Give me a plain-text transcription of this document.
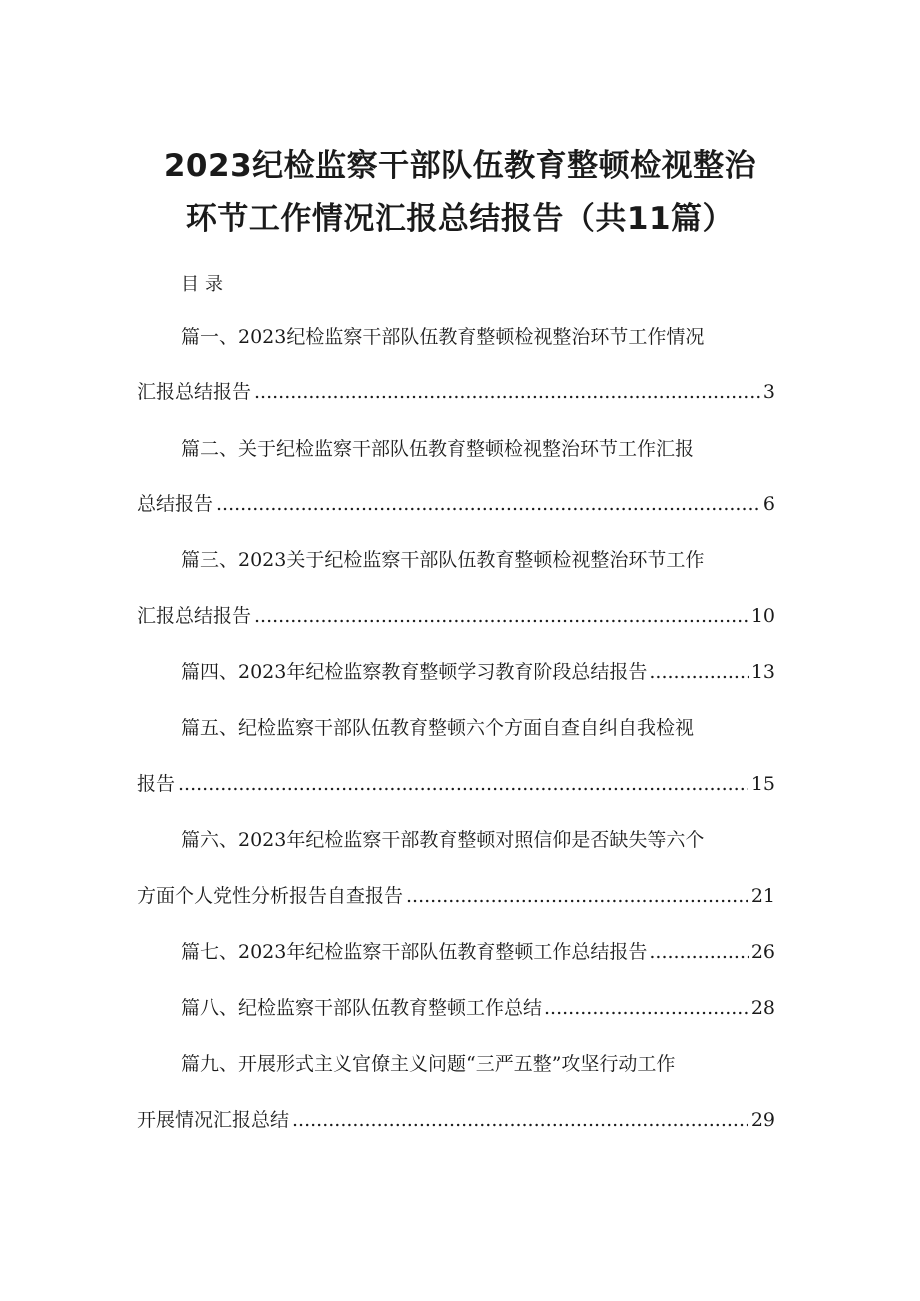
2023纪检监察干部队伍教育整顿检视整治
环节工作情况汇报总结报告（共11篇）
目录
篇一、2023纪检监察干部队伍教育整顿检视整治环节工作情况
汇报总结报告 .....	3
篇二、关于纪检监察干部队伍教育整顿检视整治环节工作汇报
总结报告 .....	6
篇三、2023关于纪检监察干部队伍教育整顿检视整治环节工作
汇报总结报告 .....	10
篇四、2023年纪检监察教育整顿学习教育阶段总结报告 .....	13
篇五、纪检监察干部队伍教育整顿六个方面自查自纠自我检视
报告 .....	15
篇六、2023年纪检监察干部教育整顿对照信仰是否缺失等六个
方面个人党性分析报告自查报告 .....	21
篇七、2023年纪检监察干部队伍教育整顿工作总结报告 .....	26
篇八、纪检监察干部队伍教育整顿工作总结 .....	28
篇九、开展形式主义官僚主义问题“三严五整”攻坚行动工作
开展情况汇报总结 .....	29
